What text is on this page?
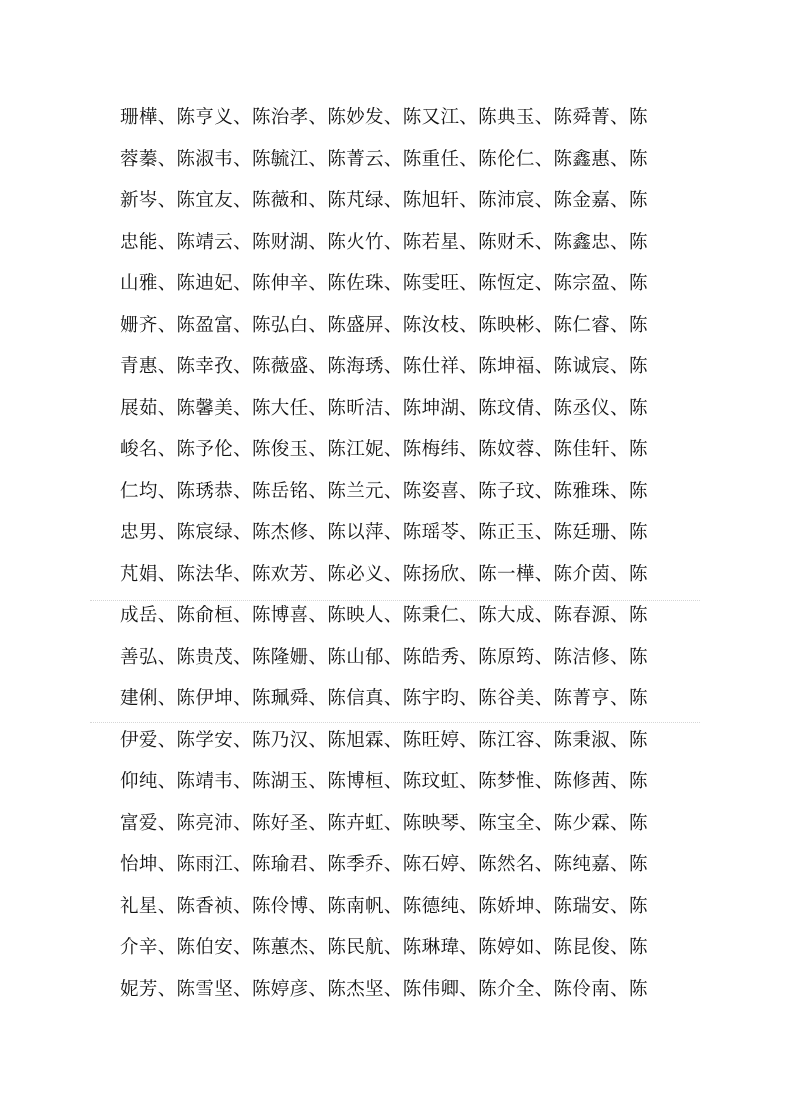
珊樺、陈亨义、陈治孝、陈妙发、陈又江、陈典玉、陈舜菁、陈
蓉蓁、陈淑韦、陈毓江、陈菁云、陈重任、陈伦仁、陈鑫惠、陈
新岑、陈宜友、陈薇和、陈芃绿、陈旭轩、陈沛宸、陈金嘉、陈
忠能、陈靖云、陈财湖、陈火竹、陈若星、陈财禾、陈鑫忠、陈
山雅、陈迪妃、陈伸辛、陈佐珠、陈雯旺、陈恆定、陈宗盈、陈
姗齐、陈盈富、陈弘白、陈盛屏、陈汝枝、陈映彬、陈仁睿、陈
青惠、陈幸孜、陈薇盛、陈海琇、陈仕祥、陈坤福、陈诚宸、陈
展茹、陈馨美、陈大任、陈昕洁、陈坤湖、陈玟倩、陈丞仪、陈
峻名、陈予伦、陈俊玉、陈江妮、陈梅纬、陈妏蓉、陈佳轩、陈
仁均、陈琇恭、陈岳铭、陈兰元、陈姿喜、陈子玟、陈雅珠、陈
忠男、陈宸绿、陈杰修、陈以萍、陈瑶苓、陈正玉、陈廷珊、陈
芃娟、陈法华、陈欢芳、陈必义、陈扬欣、陈一樺、陈介茵、陈
成岳、陈俞桓、陈博喜、陈映人、陈秉仁、陈大成、陈春源、陈
善弘、陈贵茂、陈隆姗、陈山郁、陈皓秀、陈原筠、陈洁修、陈
建俐、陈伊坤、陈珮舜、陈信真、陈宇昀、陈谷美、陈菁亨、陈
伊爱、陈学安、陈乃汉、陈旭霖、陈旺婷、陈江容、陈秉淑、陈
仰纯、陈靖韦、陈湖玉、陈博桓、陈玟虹、陈梦惟、陈修茜、陈
富爱、陈亮沛、陈好圣、陈卉虹、陈映琴、陈宝全、陈少霖、陈
怡坤、陈雨江、陈瑜君、陈季乔、陈石婷、陈然名、陈纯嘉、陈
礼星、陈香祯、陈伶博、陈南帆、陈德纯、陈娇坤、陈瑞安、陈
介辛、陈伯安、陈蕙杰、陈民航、陈琳瑋、陈婷如、陈昆俊、陈
妮芳、陈雪坚、陈婷彦、陈杰坚、陈伟卿、陈介全、陈伶南、陈
